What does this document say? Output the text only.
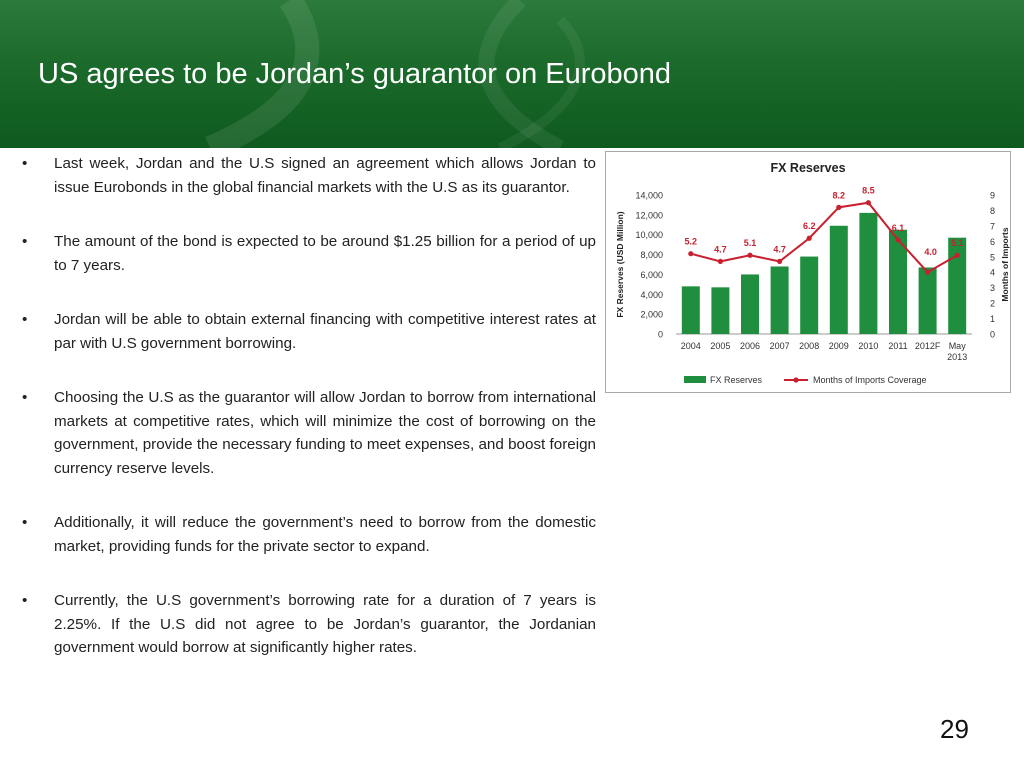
US agrees to be Jordan’s guarantor on Eurobond
• Last week, Jordan and the U.S signed an agreement which allows Jordan to issue Eurobonds in the global financial markets with the U.S as its guarantor.
• The amount of the bond is expected to be around $1.25 billion for a period of up to 7 years.
• Jordan will be able to obtain external financing with competitive interest rates at par with U.S government borrowing.
• Choosing the U.S as the guarantor will allow Jordan to borrow from international markets at competitive rates, which will minimize the cost of borrowing on the government, provide the necessary funding to meet expenses, and boost foreign currency reserve levels.
• Additionally, it will reduce the government’s need to borrow from the domestic market, providing funds for the private sector to expand.
• Currently, the U.S government’s borrowing rate for a duration of 7 years is 2.25%. If the U.S did not agree to be Jordan’s guarantor, the Jordanian government would borrow at significantly higher rates.
FX Reserves
0
2,000
4,000
6,000
8,000
10,000
12,000
14,000
0
1
2
3
4
5
6
7
8
9
FX Reserves (USD Million)	Months of Imports
2004 2005 2006 2007 2008 2009 2010 2011 2012F May 2013
5.2
4.7
5.1
4.7
6.2
8.2 8.5
6.1
4.0
5.1
FX Reserves	Months of Imports Coverage
29
